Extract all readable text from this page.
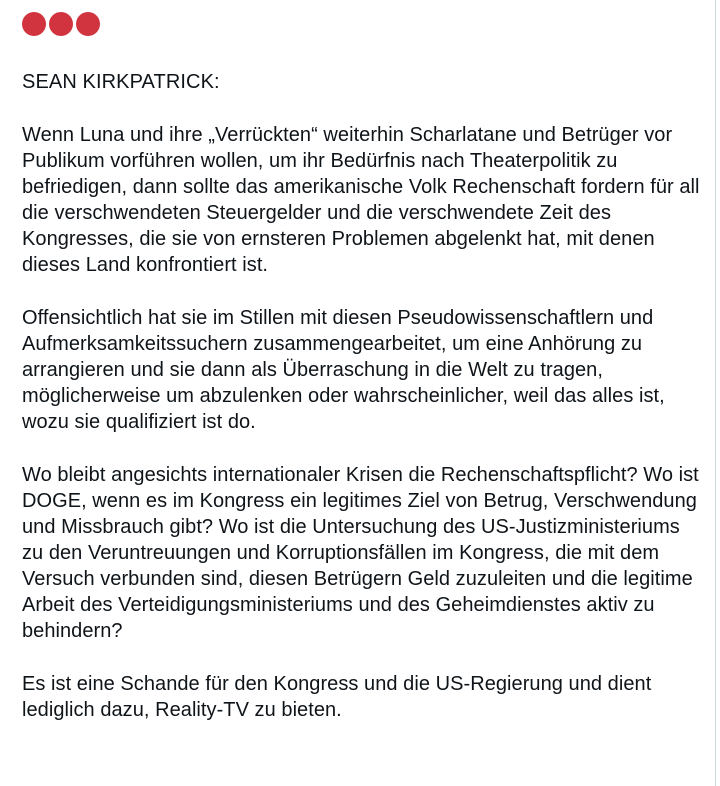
SEAN KIRKPATRICK:

Wenn Luna und ihre „Verrückten“ weiterhin Scharlatane und Betrüger vor Publikum vorführen wollen, um ihr Bedürfnis nach Theaterpolitik zu befriedigen, dann sollte das amerikanische Volk Rechenschaft fordern für all die verschwendeten Steuergelder und die verschwendete Zeit des Kongresses, die sie von ernsteren Problemen abgelenkt hat, mit denen dieses Land konfrontiert ist.

Offensichtlich hat sie im Stillen mit diesen Pseudowissenschaftlern und Aufmerksamkeitssuchern zusammengearbeitet, um eine Anhörung zu arrangieren und sie dann als Überraschung in die Welt zu tragen, möglicherweise um abzulenken oder wahrscheinlicher, weil das alles ist, wozu sie qualifiziert ist do.

Wo bleibt angesichts internationaler Krisen die Rechenschaftspflicht? Wo ist DOGE, wenn es im Kongress ein legitimes Ziel von Betrug, Verschwendung und Missbrauch gibt? Wo ist die Untersuchung des US-Justizministeriums zu den Veruntreuungen und Korruptionsfällen im Kongress, die mit dem Versuch verbunden sind, diesen Betrügern Geld zuzuleiten und die legitime Arbeit des Verteidigungsministeriums und des Geheimdienstes aktiv zu behindern?

Es ist eine Schande für den Kongress und die US-Regierung und dient lediglich dazu, Reality-TV zu bieten.
